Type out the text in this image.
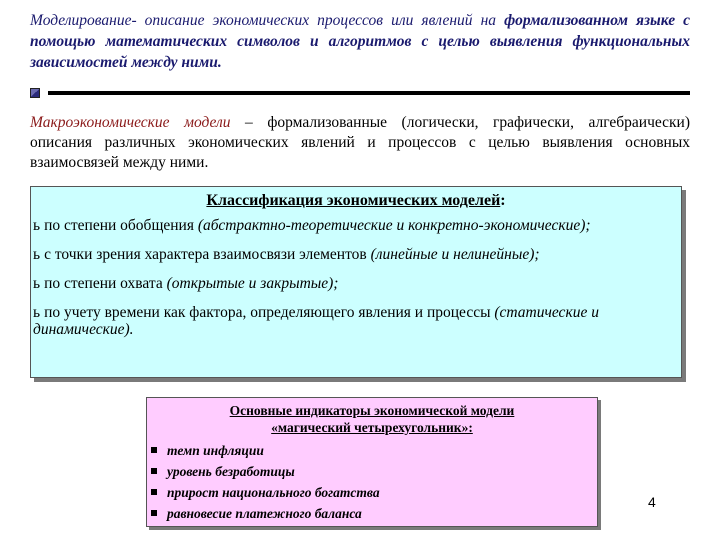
Моделирование- описание экономических процессов или явлений на формализованном языке с помощью математических символов и алгоритмов с целью выявления функциональных зависимостей между ними.
Макроэкономические модели – формализованные (логически, графически, алгебраически) описания различных экономических явлений и процессов с целью выявления основных взаимосвязей между ними.
Классификация экономических моделей:
ь по степени обобщения (абстрактно-теоретические и конкретно-экономические);
ь с точки зрения характера взаимосвязи элементов (линейные и нелинейные);
ь по степени охвата (открытые и закрытые);
ь по учету времени как фактора, определяющего явления и процессы (статические и динамические).
Основные индикаторы экономической модели
«магический четырехугольник»:
темп инфляции
уровень безработицы
прирост национального богатства
равновесие платежного баланса
4
